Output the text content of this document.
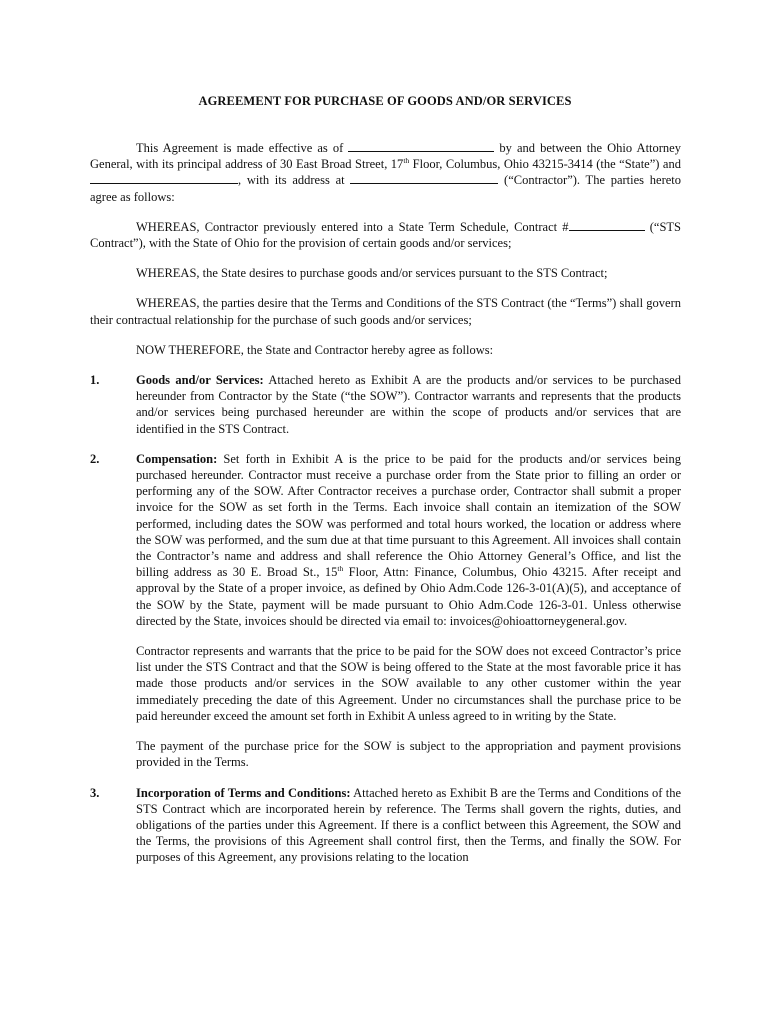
AGREEMENT FOR PURCHASE OF GOODS AND/OR SERVICES

This Agreement is made effective as of	by and between the Ohio Attorney General, with its principal address of 30 East Broad Street, 17th Floor, Columbus, Ohio 43215-3414 (the “State”) and , with its address at	(“Contractor”). The parties hereto agree as follows:

WHEREAS, Contractor previously entered into a State Term Schedule, Contract #	(“STS Contract”), with the State of Ohio for the provision of certain goods and/or services;

WHEREAS, the State desires to purchase goods and/or services pursuant to the STS Contract;

WHEREAS, the parties desire that the Terms and Conditions of the STS Contract (the “Terms”) shall govern their contractual relationship for the purchase of such goods and/or services;

NOW THEREFORE, the State and Contractor hereby agree as follows:

1.	Goods and/or Services: Attached hereto as Exhibit A are the products and/or services to be purchased hereunder from Contractor by the State (“the SOW”). Contractor warrants and represents that the products and/or services being purchased hereunder are within the scope of products and/or services that are identified in the STS Contract.

2.	Compensation: Set forth in Exhibit A is the price to be paid for the products and/or services being purchased hereunder. Contractor must receive a purchase order from the State prior to filling an order or performing any of the SOW. After Contractor receives a purchase order, Contractor shall submit a proper invoice for the SOW as set forth in the Terms. Each invoice shall contain an itemization of the SOW performed, including dates the SOW was performed and total hours worked, the location or address where the SOW was performed, and the sum due at that time pursuant to this Agreement. All invoices shall contain the Contractor’s name and address and shall reference the Ohio Attorney General’s Office, and list the billing address as 30 E. Broad St., 15th Floor, Attn: Finance, Columbus, Ohio 43215. After receipt and approval by the State of a proper invoice, as defined by Ohio Adm.Code 126-3-01(A)(5), and acceptance of the SOW by the State, payment will be made pursuant to Ohio Adm.Code 126-3-01. Unless otherwise directed by the State, invoices should be directed via email to: invoices@ohioattorneygeneral.gov.

Contractor represents and warrants that the price to be paid for the SOW does not exceed Contractor’s price list under the STS Contract and that the SOW is being offered to the State at the most favorable price it has made those products and/or services in the SOW available to any other customer within the year immediately preceding the date of this Agreement. Under no circumstances shall the purchase price to be paid hereunder exceed the amount set forth in Exhibit A unless agreed to in writing by the State.

The payment of the purchase price for the SOW is subject to the appropriation and payment provisions provided in the Terms.

3.	Incorporation of Terms and Conditions: Attached hereto as Exhibit B are the Terms and Conditions of the STS Contract which are incorporated herein by reference. The Terms shall govern the rights, duties, and obligations of the parties under this Agreement. If there is a conflict between this Agreement, the SOW and the Terms, the provisions of this Agreement shall control first, then the Terms, and finally the SOW. For purposes of this Agreement, any provisions relating to the location
